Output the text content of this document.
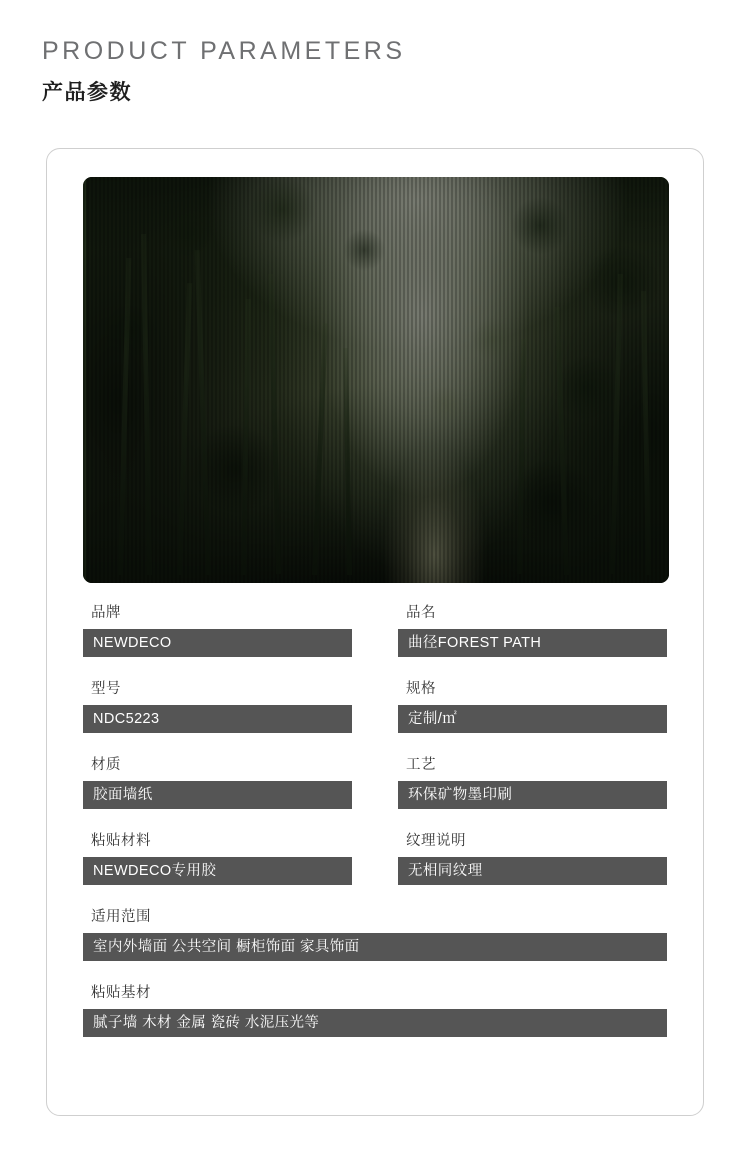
PRODUCT PARAMETERS
产品参数
品牌
NEWDECO
品名
曲径FOREST PATH
型号
NDC5223
规格
定制/㎡
材质
胶面墙纸
工艺
环保矿物墨印刷
粘贴材料
NEWDECO专用胶
纹理说明
无相同纹理
适用范围
室内外墙面 公共空间 橱柜饰面 家具饰面
粘贴基材
腻子墙 木材 金属 瓷砖 水泥压光等
